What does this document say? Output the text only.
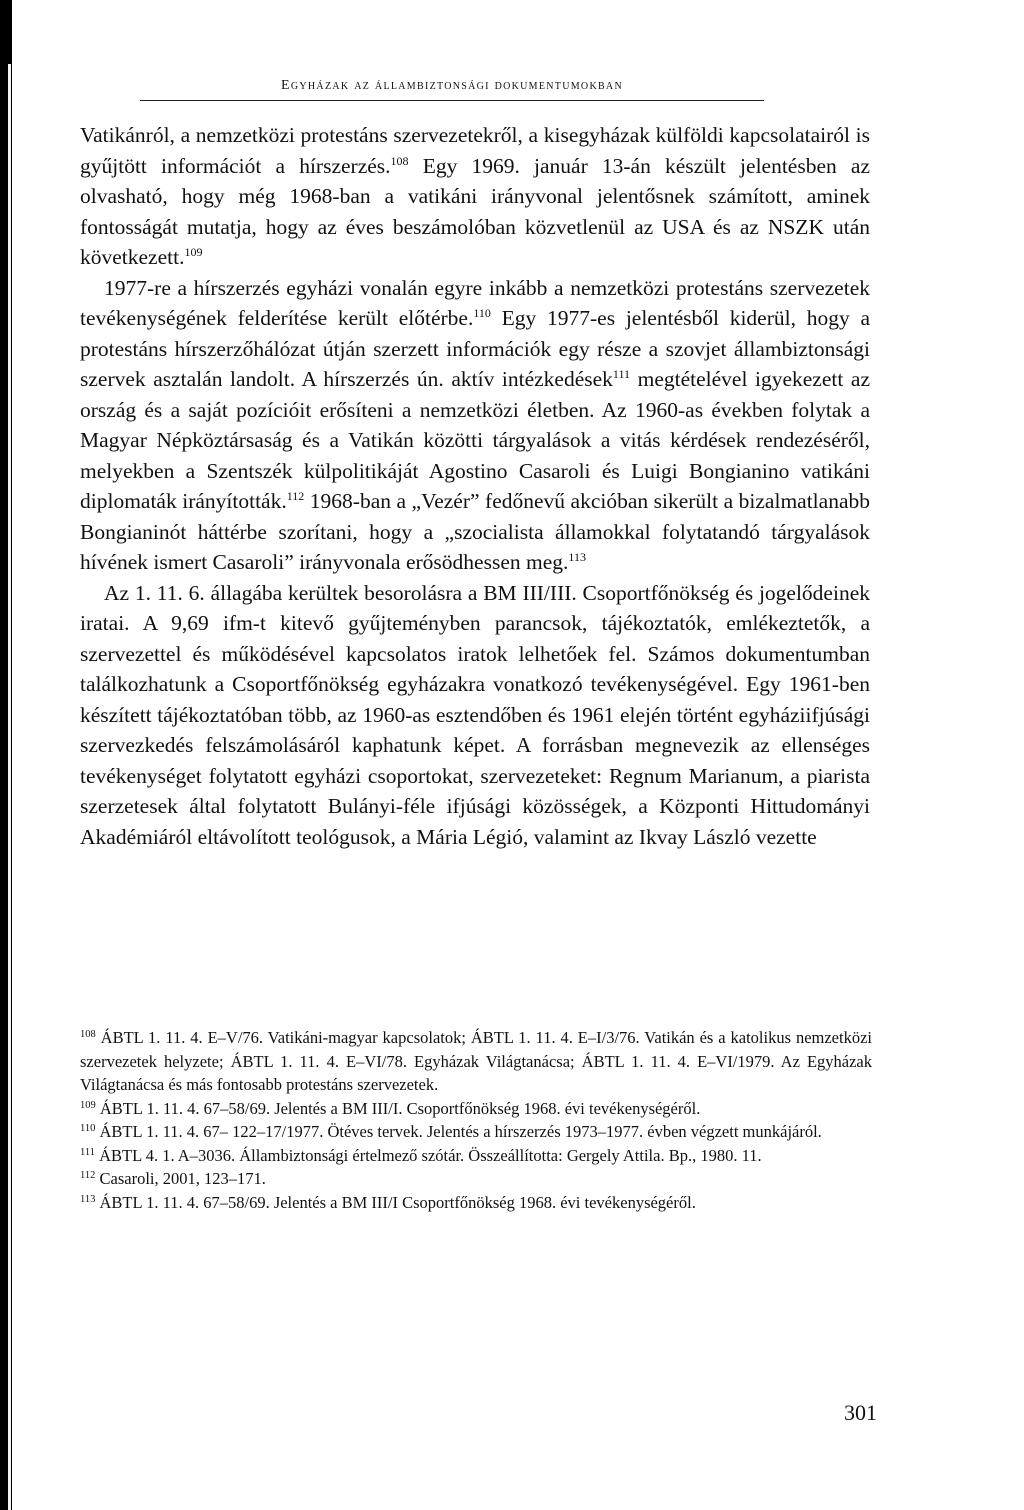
Egyházak az állambiztonsági dokumentumokban

Vatikánról, a nemzetközi protestáns szervezetekről, a kisegyházak külföldi kapcsolatairól is gyűjtött információt a hírszerzés.$^{108}$ Egy 1969. január 13-án készült jelentésben az olvasható, hogy még 1968-ban a vatikáni irányvonal jelentősnek számított, aminek fontosságát mutatja, hogy az éves beszámolóban közvetlenül az USA és az NSZK után következett.$^{109}$

1977-re a hírszerzés egyházi vonalán egyre inkább a nemzetközi protestáns szervezetek tevékenységének felderítése került előtérbe.$^{110}$ Egy 1977-es jelentésből kiderül, hogy a protestáns hírszerzőhálózat útján szerzett információk egy része a szovjet állambiztonsági szervek asztalán landolt. A hírszerzés ún. aktív intézkedések$^{111}$ megtételével igyekezett az ország és a saját pozícióit erősíteni a nemzetközi életben. Az 1960-as években folytak a Magyar Népköztársaság és a Vatikán közötti tárgyalások a vitás kérdések rendezéséről, melyekben a Szentszék külpolitikáját Agostino Casaroli és Luigi Bongianino vatikáni diplomaták irányították.$^{112}$ 1968-ban a „Vezér” fedőnevű akcióban sikerült a bizalmatlanabb Bongianinót háttérbe szorítani, hogy a „szocialista államokkal folytatandó tárgyalások hívének ismert Casaroli” irányvonala erősödhessen meg.$^{113}$

Az 1. 11. 6. állagába kerültek besorolásra a BM III/III. Csoportfőnökség és jogelődeinek iratai. A 9,69 ifm-t kitevő gyűjteményben parancsok, tájékoztatók, emlékeztetők, a szervezettel és működésével kapcsolatos iratok lelhetőek fel. Számos dokumentumban találkozhatunk a Csoportfőnökség egyházakra vonatkozó tevékenységével. Egy 1961-ben készített tájékoztatóban több, az 1960-as esztendőben és 1961 elején történt egyháziifjúsági szervezkedés felszámolásáról kaphatunk képet. A forrásban megnevezik az ellenséges tevékenységet folytatott egyházi csoportokat, szervezeteket: Regnum Marianum, a piarista szerzetesek által folytatott Bulányi-féle ifjúsági közösségek, a Központi Hittudományi Akadémiáról eltávolított teológusok, a Mária Légió, valamint az Ikvay László vezette

$^{108}$ ÁBTL 1. 11. 4. E–V/76. Vatikáni-magyar kapcsolatok; ÁBTL 1. 11. 4. E–I/3/76. Vatikán és a katolikus nemzetközi szervezetek helyzete; ÁBTL 1. 11. 4. E–VI/78. Egyházak Világtanácsa; ÁBTL 1. 11. 4. E–VI/1979. Az Egyházak Világtanácsa és más fontosabb protestáns szervezetek.

$^{109}$ ÁBTL 1. 11. 4. 67–58/69. Jelentés a BM III/I. Csoportfőnökség 1968. évi tevékenységéről.

$^{110}$ ÁBTL 1. 11. 4. 67– 122–17/1977. Ötéves tervek. Jelentés a hírszerzés 1973–1977. évben végzett munkájáról.

$^{111}$ ÁBTL 4. 1. A–3036. Állambiztonsági értelmező szótár. Összeállította: Gergely Attila. Bp., 1980. 11.

$^{112}$ Casaroli, 2001, 123–171.

$^{113}$ ÁBTL 1. 11. 4. 67–58/69. Jelentés a BM III/I Csoportfőnökség 1968. évi tevékenységéről.

301
